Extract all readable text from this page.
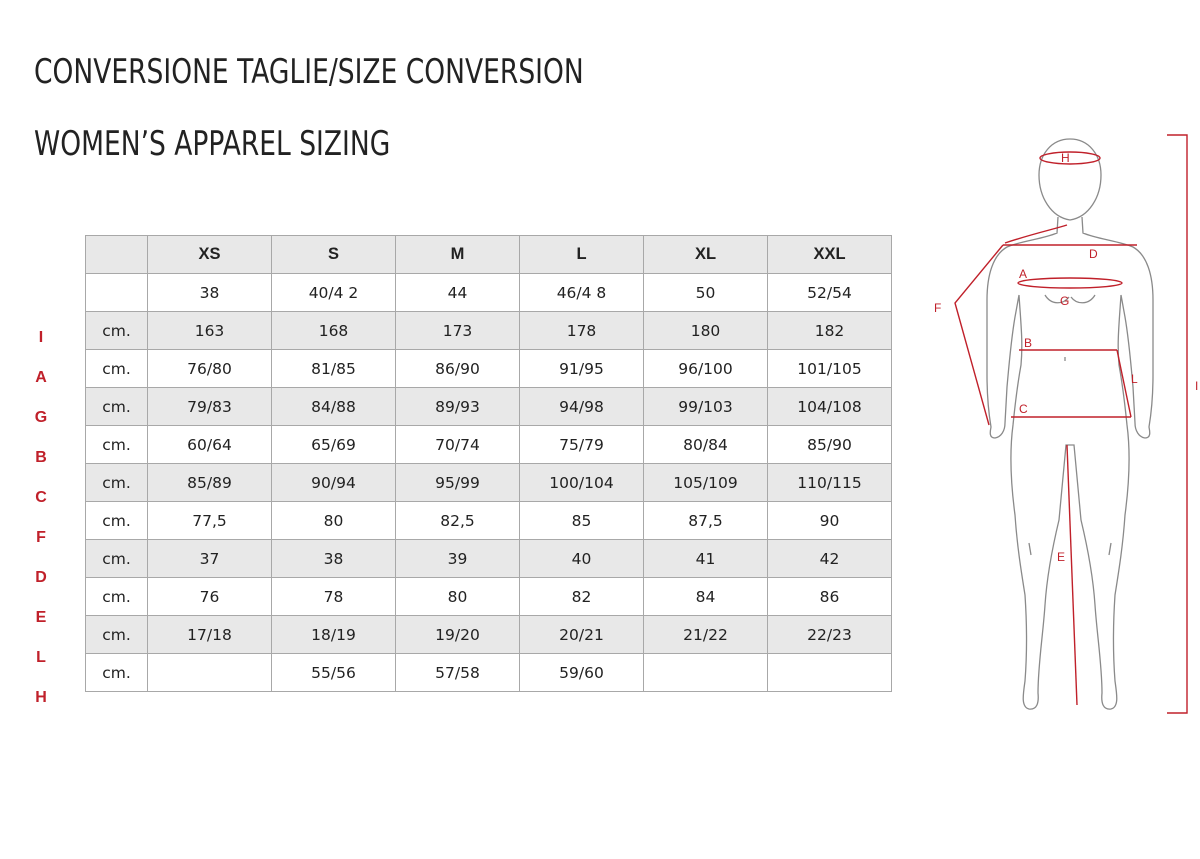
CONVERSIONE TAGLIE/SIZE CONVERSION
WOMEN’S APPAREL SIZING
I
A
G
B
C
F
D
E
L
H
	XS	S	M	L	XL	XXL
	38	40/4 2	44	46/4 8	50	52/54
cm.	163	168	173	178	180	182
cm.	76/80	81/85	86/90	91/95	96/100	101/105
cm.	79/83	84/88	89/93	94/98	99/103	104/108
cm.	60/64	65/69	70/74	75/79	80/84	85/90
cm.	85/89	90/94	95/99	100/104	105/109	110/115
cm.	77,5	80	82,5	85	87,5	90
cm.	37	38	39	40	41	42
cm.	76	78	80	82	84	86
cm.	17/18	18/19	19/20	20/21	21/22	22/23
cm.		55/56	57/58	59/60		
H
D
A
G
F
B
L
C
E
I
